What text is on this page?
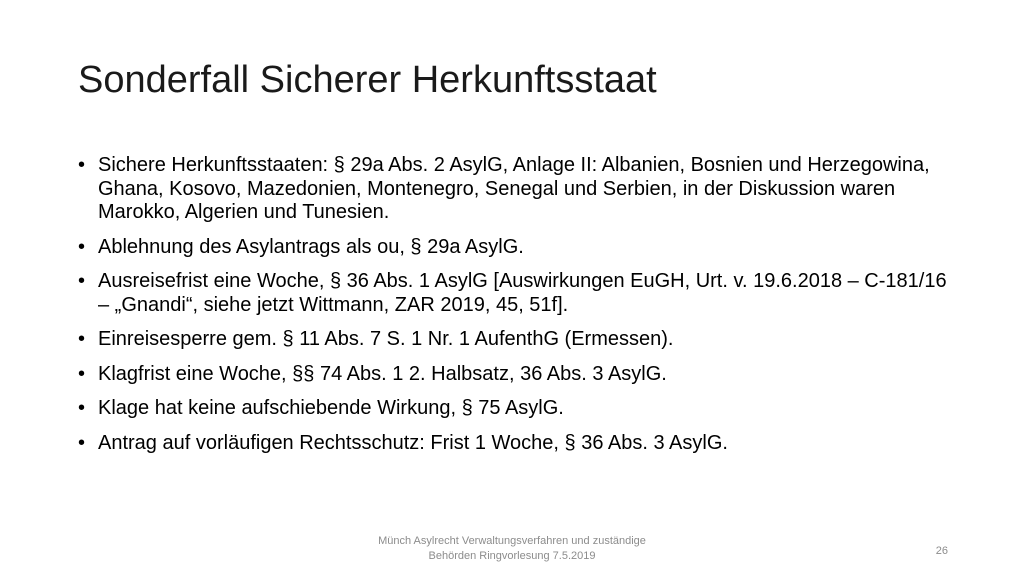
Sonderfall Sicherer Herkunftsstaat
• Sichere Herkunftsstaaten: § 29a Abs. 2 AsylG, Anlage II: Albanien, Bosnien und Herzegowina, Ghana, Kosovo, Mazedonien, Montenegro, Senegal und Serbien, in der Diskussion waren Marokko, Algerien und Tunesien.
• Ablehnung des Asylantrags als ou, § 29a AsylG.
• Ausreisefrist eine Woche, § 36 Abs. 1 AsylG [Auswirkungen EuGH, Urt. v. 19.6.2018 – C-181/16 – „Gnandi“, siehe jetzt Wittmann, ZAR 2019, 45, 51f].
• Einreisesperre gem. § 11 Abs. 7 S. 1 Nr. 1 AufenthG (Ermessen).
• Klagfrist eine Woche, §§ 74 Abs. 1 2. Halbsatz, 36 Abs. 3 AsylG.
• Klage hat keine aufschiebende Wirkung, § 75 AsylG.
• Antrag auf vorläufigen Rechtsschutz: Frist 1 Woche, § 36 Abs. 3 AsylG.
Münch Asylrecht Verwaltungsverfahren und zuständige
Behörden Ringvorlesung 7.5.2019	26
